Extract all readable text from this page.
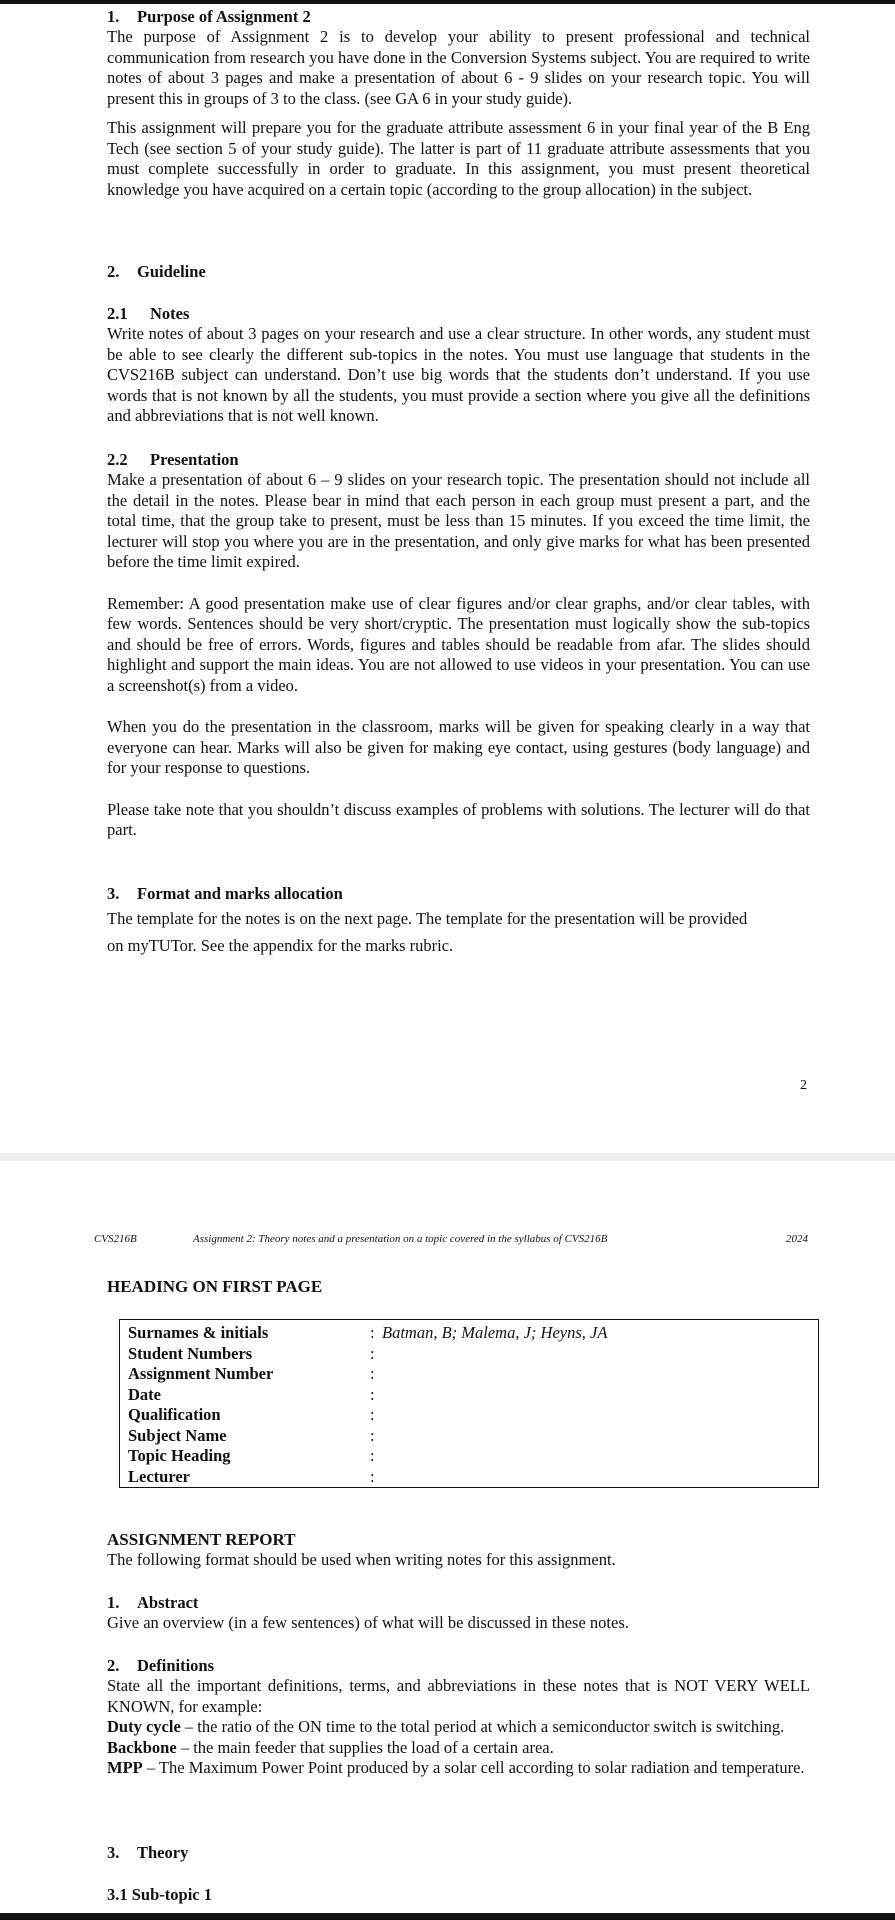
1. Purpose of Assignment 2

The purpose of Assignment 2 is to develop your ability to present professional and technical communication from research you have done in the Conversion Systems subject. You are required to write notes of about 3 pages and make a presentation of about 6 - 9 slides on your research topic. You will present this in groups of 3 to the class. (see GA 6 in your study guide).

This assignment will prepare you for the graduate attribute assessment 6 in your final year of the B Eng Tech (see section 5 of your study guide). The latter is part of 11 graduate attribute assessments that you must complete successfully in order to graduate. In this assignment, you must present theoretical knowledge you have acquired on a certain topic (according to the group allocation) in the subject.

2. Guideline
2.1 Notes

Write notes of about 3 pages on your research and use a clear structure. In other words, any student must be able to see clearly the different sub-topics in the notes. You must use language that students in the CVS216B subject can understand. Don’t use big words that the students don’t understand. If you use words that is not known by all the students, you must provide a section where you give all the definitions and abbreviations that is not well known.

2.2 Presentation

Make a presentation of about 6 – 9 slides on your research topic. The presentation should not include all the detail in the notes. Please bear in mind that each person in each group must present a part, and the total time, that the group take to present, must be less than 15 minutes. If you exceed the time limit, the lecturer will stop you where you are in the presentation, and only give marks for what has been presented before the time limit expired.

Remember: A good presentation make use of clear figures and/or clear graphs, and/or clear tables, with few words. Sentences should be very short/cryptic. The presentation must logically show the sub-topics and should be free of errors. Words, figures and tables should be readable from afar. The slides should highlight and support the main ideas. You are not allowed to use videos in your presentation. You can use a screenshot(s) from a video.

When you do the presentation in the classroom, marks will be given for speaking clearly in a way that everyone can hear. Marks will also be given for making eye contact, using gestures (body language) and for your response to questions.

Please take note that you shouldn’t discuss examples of problems with solutions. The lecturer will do that part.

3. Format and marks allocation

The template for the notes is on the next page. The template for the presentation will be provided

on myTUTor. See the appendix for the marks rubric.

2
CVS216B	Assignment 2: Theory notes and a presentation on a topic covered in the syllabus of CVS216B	2024
HEADING ON FIRST PAGE
Surnames & initials	:	Batman, B; Malema, J; Heyns, JA
Student Numbers	:	
Assignment Number	:	
Date	:	
Qualification	:	
Subject Name	:	
Topic Heading	:	
Lecturer	:	
ASSIGNMENT REPORT

The following format should be used when writing notes for this assignment.

1. Abstract

Give an overview (in a few sentences) of what will be discussed in these notes.

2. Definitions

State all the important definitions, terms, and abbreviations in these notes that is NOT VERY WELL KNOWN, for example:

Duty cycle – the ratio of the ON time to the total period at which a semiconductor switch is switching.

Backbone – the main feeder that supplies the load of a certain area.

MPP – The Maximum Power Point produced by a solar cell according to solar radiation and temperature.

3. Theory
3.1 Sub-topic 1
